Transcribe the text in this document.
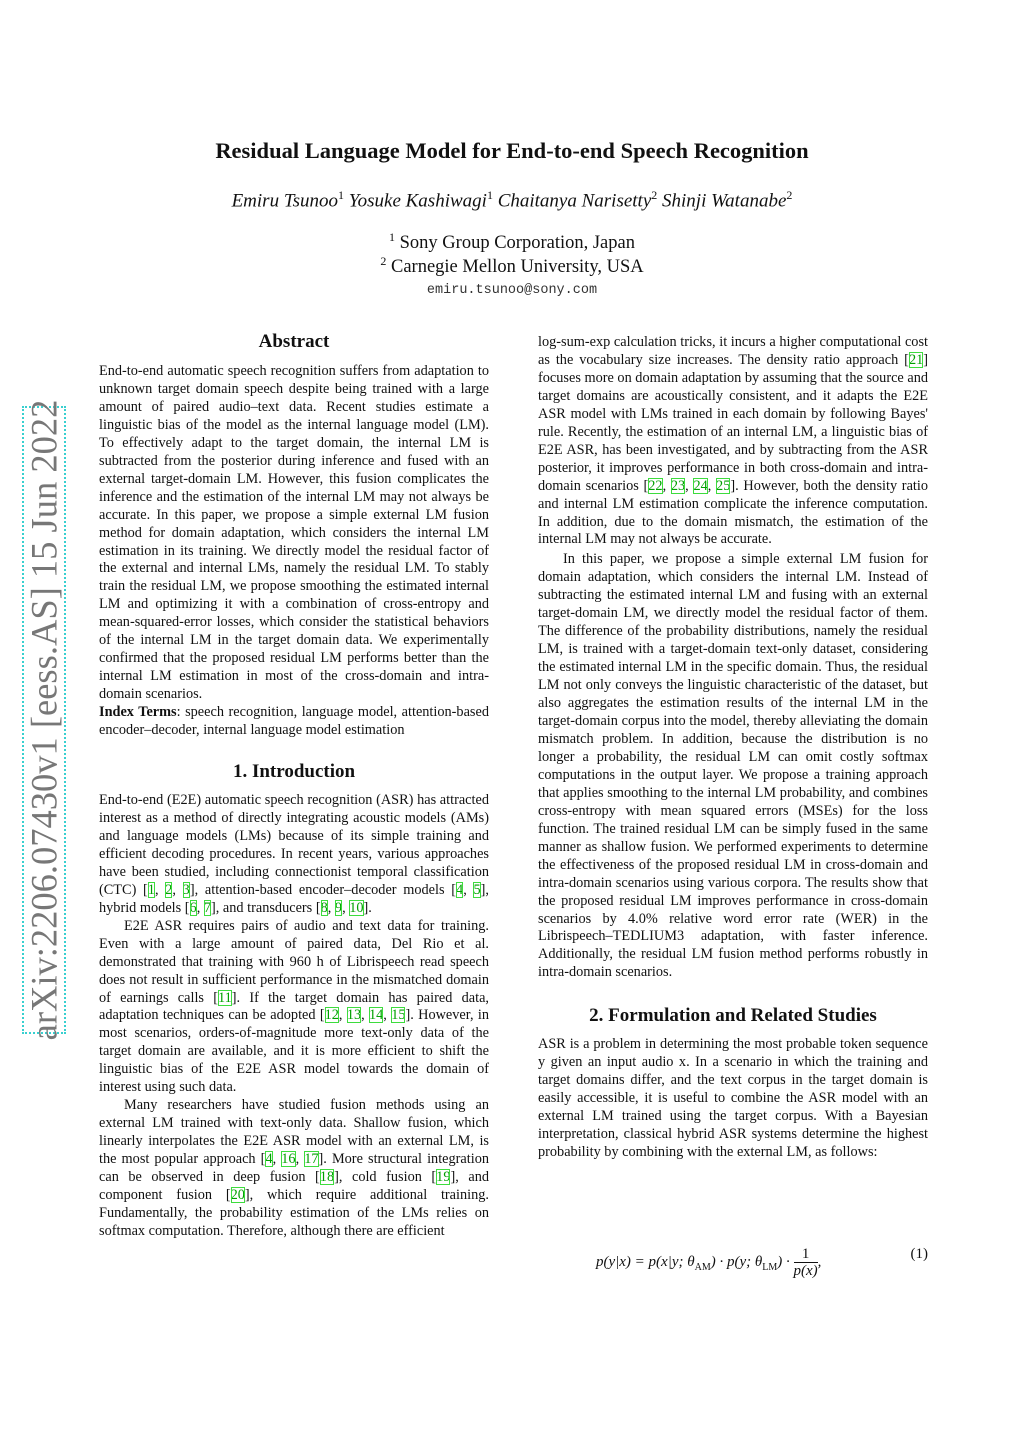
arXiv:2206.07430v1 [eess.AS] 15 Jun 2022
Residual Language Model for End-to-end Speech Recognition
Emiru Tsunoo$^1$ Yosuke Kashiwagi$^1$ Chaitanya Narisetty$^2$ Shinji Watanabe$^2$
$^1$ Sony Group Corporation, Japan
$^2$ Carnegie Mellon University, USA
emiru.tsunoo@sony.com
Abstract

End-to-end automatic speech recognition suffers from adaptation to unknown target domain speech despite being trained with a large amount of paired audio–text data. Recent studies estimate a linguistic bias of the model as the internal language model (LM). To effectively adapt to the target domain, the internal LM is subtracted from the posterior during inference and fused with an external target-domain LM. However, this fusion complicates the inference and the estimation of the internal LM may not always be accurate. In this paper, we propose a simple external LM fusion method for domain adaptation, which considers the internal LM estimation in its training. We directly model the residual factor of the external and internal LMs, namely the residual LM. To stably train the residual LM, we propose smoothing the estimated internal LM and optimizing it with a combination of cross-entropy and mean-squared-error losses, which consider the statistical behaviors of the internal LM in the target domain data. We experimentally confirmed that the proposed residual LM performs better than the internal LM estimation in most of the cross-domain and intra-domain scenarios.

Index Terms: speech recognition, language model, attention-based encoder–decoder, internal language model estimation

1. Introduction

End-to-end (E2E) automatic speech recognition (ASR) has attracted interest as a method of directly integrating acoustic models (AMs) and language models (LMs) because of its simple training and efficient decoding procedures. In recent years, various approaches have been studied, including connectionist temporal classification (CTC) [1, 2, 3], attention-based encoder–decoder models [4, 5], hybrid models [6, 7], and transducers [8, 9, 10].

E2E ASR requires pairs of audio and text data for training. Even with a large amount of paired data, Del Rio et al. demonstrated that training with 960 h of Librispeech read speech does not result in sufficient performance in the mismatched domain of earnings calls [11]. If the target domain has paired data, adaptation techniques can be adopted [12, 13, 14, 15]. However, in most scenarios, orders-of-magnitude more text-only data of the target domain are available, and it is more efficient to shift the linguistic bias of the E2E ASR model towards the domain of interest using such data.

Many researchers have studied fusion methods using an external LM trained with text-only data. Shallow fusion, which linearly interpolates the E2E ASR model with an external LM, is the most popular approach [4, 16, 17]. More structural integration can be observed in deep fusion [18], cold fusion [19], and component fusion [20], which require additional training. Fundamentally, the probability estimation of the LMs relies on softmax computation. Therefore, although there are efficient

log-sum-exp calculation tricks, it incurs a higher computational cost as the vocabulary size increases. The density ratio approach [21] focuses more on domain adaptation by assuming that the source and target domains are acoustically consistent, and it adapts the E2E ASR model with LMs trained in each domain by following Bayes' rule. Recently, the estimation of an internal LM, a linguistic bias of E2E ASR, has been investigated, and by subtracting from the ASR posterior, it improves performance in both cross-domain and intra-domain scenarios [22, 23, 24, 25]. However, both the density ratio and internal LM estimation complicate the inference computation. In addition, due to the domain mismatch, the estimation of the internal LM may not always be accurate.

In this paper, we propose a simple external LM fusion for domain adaptation, which considers the internal LM. Instead of subtracting the estimated internal LM and fusing with an external target-domain LM, we directly model the residual factor of them. The difference of the probability distributions, namely the residual LM, is trained with a target-domain text-only dataset, considering the estimated internal LM in the specific domain. Thus, the residual LM not only conveys the linguistic characteristic of the dataset, but also aggregates the estimation results of the internal LM in the target-domain corpus into the model, thereby alleviating the domain mismatch problem. In addition, because the distribution is no longer a probability, the residual LM can omit costly softmax computations in the output layer. We propose a training approach that applies smoothing to the internal LM probability, and combines cross-entropy with mean squared errors (MSEs) for the loss function. The trained residual LM can be simply fused in the same manner as shallow fusion. We performed experiments to determine the effectiveness of the proposed residual LM in cross-domain and intra-domain scenarios using various corpora. The results show that the proposed residual LM improves performance in cross-domain scenarios by 4.0% relative word error rate (WER) in the Librispeech–TEDLIUM3 adaptation, with faster inference. Additionally, the residual LM fusion method performs robustly in intra-domain scenarios.

2. Formulation and Related Studies

ASR is a problem in determining the most probable token sequence y given an input audio x. In a scenario in which the training and target domains differ, and the text corpus in the target domain is easily accessible, it is useful to combine the ASR model with an external LM trained using the target corpus. With a Bayesian interpretation, classical hybrid ASR systems determine the highest probability by combining with the external LM, as follows:

p(y|x) = p(x|y; $\theta_{AM}) \cdot p(y$; $\theta_{LM}) \cdot \frac{1}{p(x)}$ ,	(1)
